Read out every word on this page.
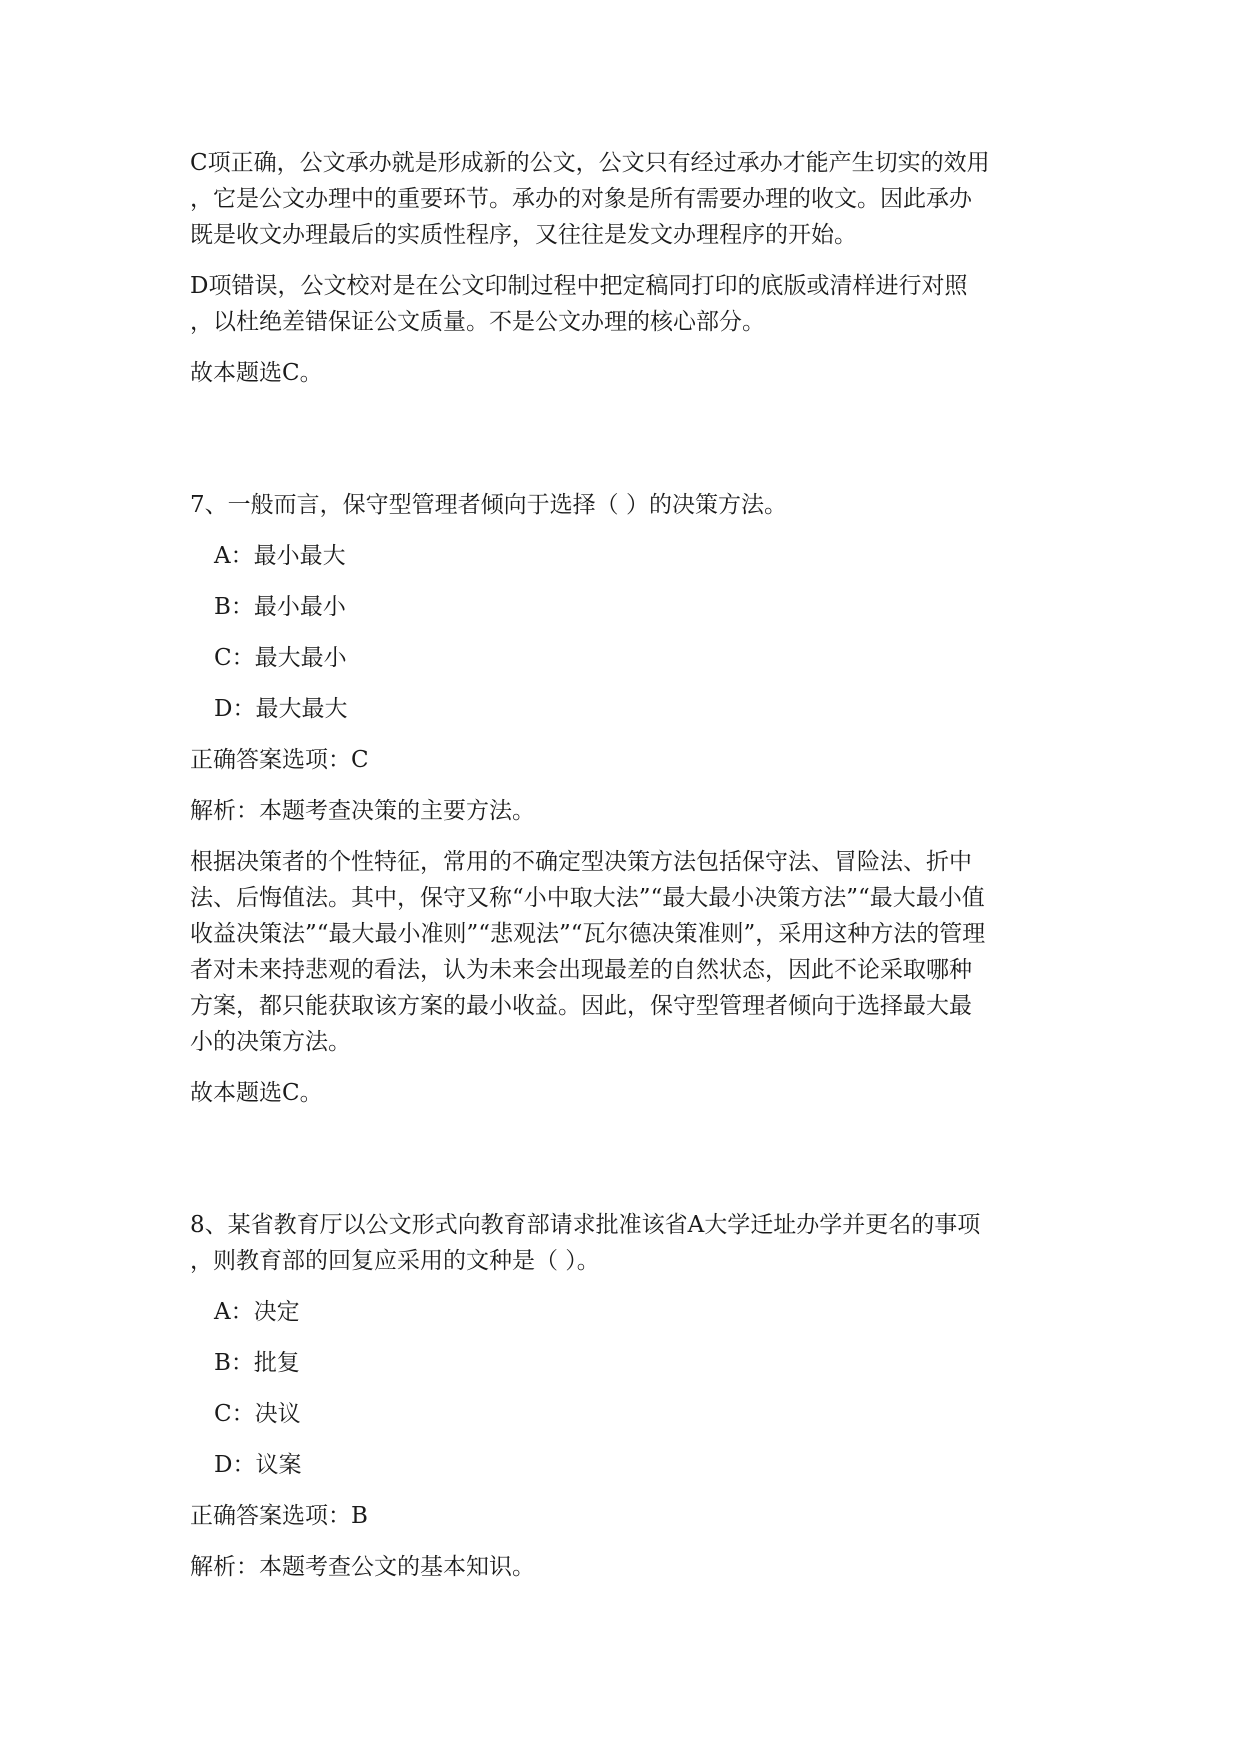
C项正确，公文承办就是形成新的公文，公文只有经过承办才能产生切实的效用
，它是公文办理中的重要环节。承办的对象是所有需要办理的收文。因此承办
既是收文办理最后的实质性程序，又往往是发文办理程序的开始。

D项错误，公文校对是在公文印制过程中把定稿同打印的底版或清样进行对照
，以杜绝差错保证公文质量。不是公文办理的核心部分。

故本题选C。

7、一般而言，保守型管理者倾向于选择（ ）的决策方法。

A：最小最大

B：最小最小

C：最大最小

D：最大最大

正确答案选项：C

解析：本题考查决策的主要方法。

根据决策者的个性特征，常用的不确定型决策方法包括保守法、冒险法、折中
法、后悔值法。其中，保守又称“小中取大法”“最大最小决策方法”“最大最小值
收益决策法”“最大最小准则”“悲观法”“瓦尔德决策准则”，采用这种方法的管理
者对未来持悲观的看法，认为未来会出现最差的自然状态，因此不论采取哪种
方案，都只能获取该方案的最小收益。因此，保守型管理者倾向于选择最大最
小的决策方法。

故本题选C。

8、某省教育厅以公文形式向教育部请求批准该省A大学迁址办学并更名的事项
，则教育部的回复应采用的文种是（ ）。

A：决定

B：批复

C：决议

D：议案

正确答案选项：B

解析：本题考查公文的基本知识。
